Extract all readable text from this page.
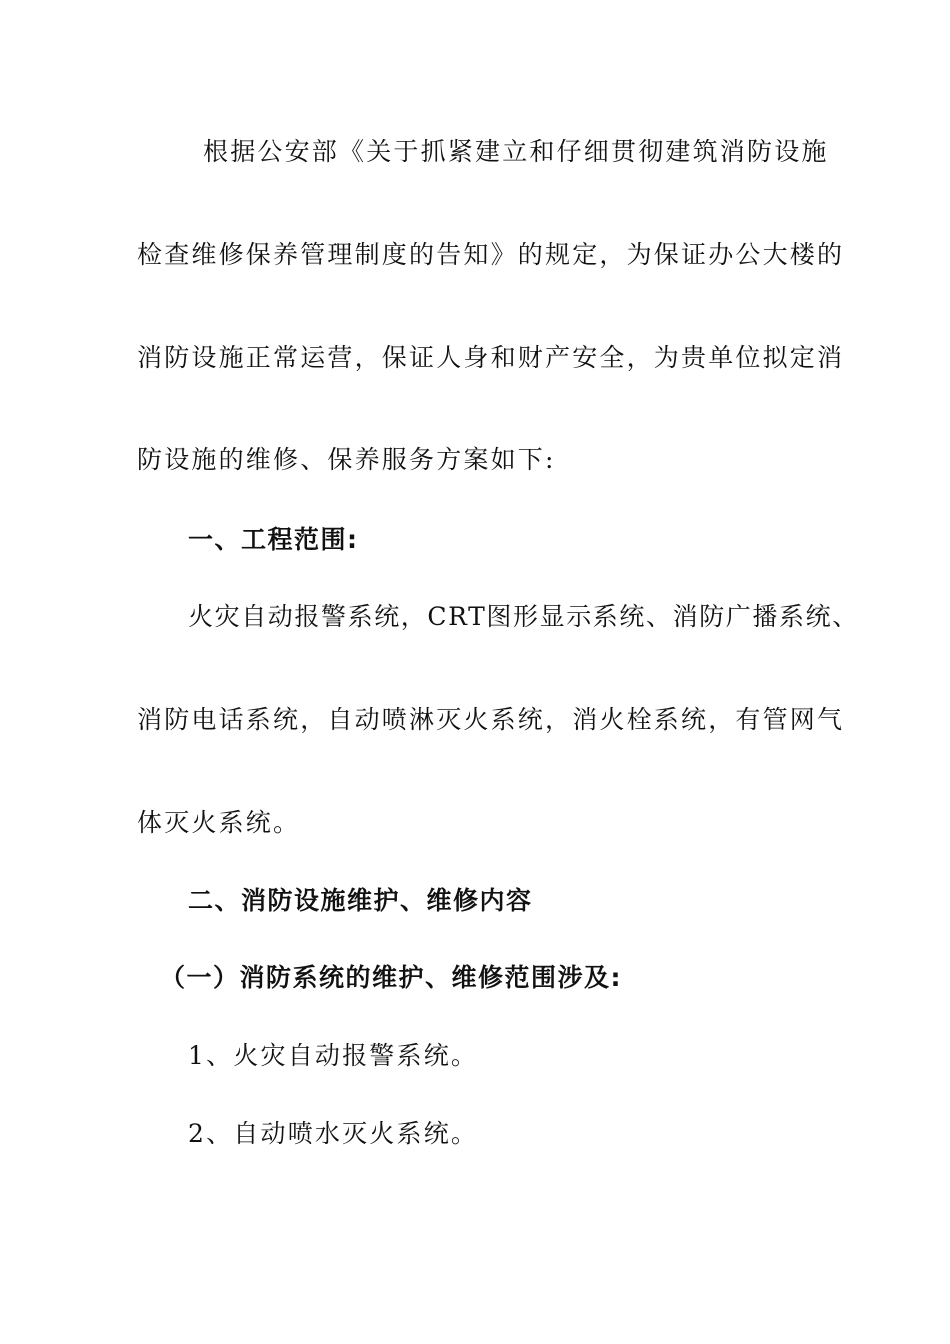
根据公安部《关于抓紧建立和仔细贯彻建筑消防设施
检查维修保养管理制度的告知》的规定，为保证办公大楼的
消防设施正常运营，保证人身和财产安全，为贵单位拟定消
防设施的维修、保养服务方案如下:
一、工程范围:
火灾自动报警系统，CRT图形显示系统、消防广播系统、
消防电话系统，自动喷淋灭火系统，消火栓系统，有管网气
体灭火系统。
二、消防设施维护、维修内容
（一）消防系统的维护、维修范围涉及:
1、火灾自动报警系统。
2、自动喷水灭火系统。
